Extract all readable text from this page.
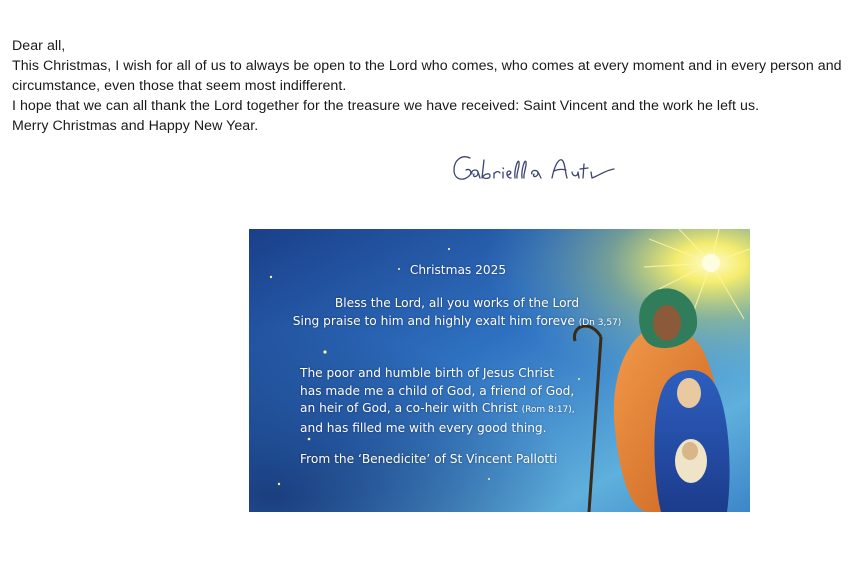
Dear all,

This Christmas, I wish for all of us to always be open to the Lord who comes, who comes at every moment and in every person and circumstance, even those that seem most indifferent.

I hope that we can all thank the Lord together for the treasure we have received: Saint Vincent and the work he left us.

Merry Christmas and Happy New Year.

Christmas 2025
Bless the Lord, all you works of the Lord
Sing praise to him and highly exalt him foreve (Dn 3,57)
The poor and humble birth of Jesus Christ
has made me a child of God, a friend of God,
an heir of God, a co-heir with Christ (Rom 8:17),
and has filled me with every good thing.
From the ‘Benedicite’ of St Vincent Pallotti
